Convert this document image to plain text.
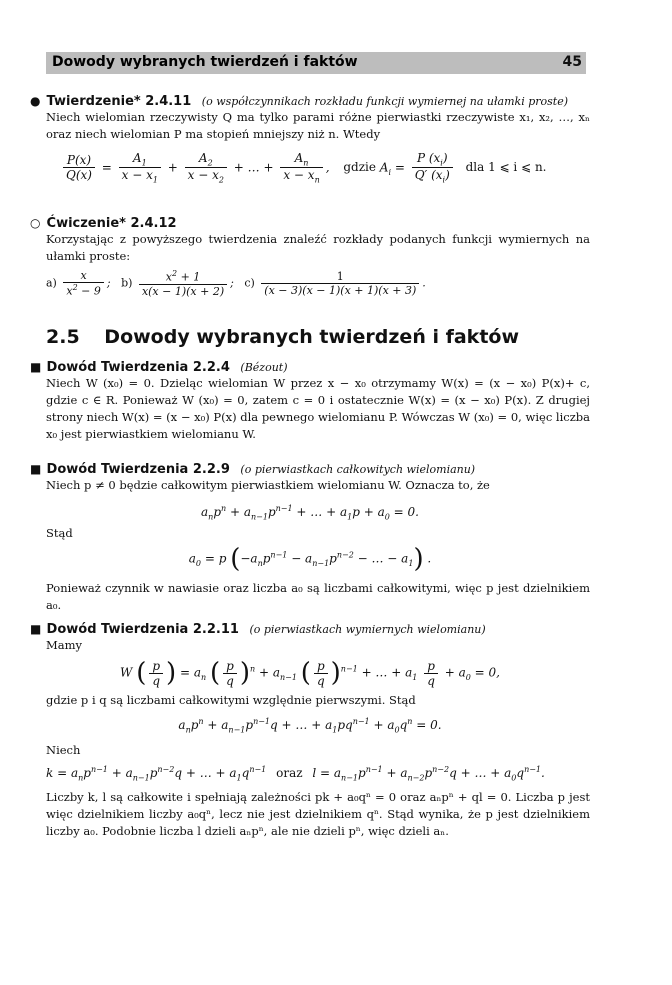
Dowody wybranych twierdzeń i faktów	45
● Twierdzenie* 2.4.11 (o współczynnikach rozkładu funkcji wymiernej na ułamki proste)
Niech wielomian rzeczywisty Q ma tylko parami różne pierwiastki rzeczywiste x₁, x₂, …, xₙ oraz niech wielomian P ma stopień mniejszy niż n. Wtedy
$\frac{P(x)}{Q(x)} = \frac{A_1}{x - x_1} + \frac{A_2}{x - x_2}$ + … + $\frac{A_n}{x - x_n}$ , gdzie $A_i = \frac{P (x_i)}{Q' (x_i)}$ dla 1 ⩽ i ⩽ n.
○ Ćwiczenie* 2.4.12
Korzystając z powyższego twierdzenia znaleźć rozkłady podanych funkcji wymiernych na ułamki proste:
$a) \frac{x}{x^2 - 9}$ ;   $b) \frac{x^2 + 1}{x(x - 1)(x + 2)}$ ;   $c) \frac{1}{(x - 3)(x - 1)(x + 1)(x + 3)}$ .
2.5 Dowody wybranych twierdzeń i faktów
■ Dowód Twierdzenia 2.2.4 (Bézout)
Niech W (x₀) = 0. Dzieląc wielomian W przez x − x₀ otrzymamy W(x) = (x − x₀) P(x)+ c, gdzie c ∈ R. Ponieważ W (x₀) = 0, zatem c = 0 i ostatecznie W(x) = (x − x₀) P(x). Z drugiej strony niech W(x) = (x − x₀) P(x) dla pewnego wielomianu P. Wówczas W (x₀) = 0, więc liczba x₀ jest pierwiastkiem wielomianu W.
■ Dowód Twierdzenia 2.2.9 (o pierwiastkach całkowitych wielomianu)
Niech p ≠ 0 będzie całkowitym pierwiastkiem wielomianu W. Oznacza to, że
$a_np^n + a_{n-1}p^{n-1}$ + … + $a_1p + a_0 = 0$.
Stąd
$a_0 = p$ ($-a_np^{n-1} - a_{n-1}p^{n-2}$ − … − $a_1$) .
Ponieważ czynnik w nawiasie oraz liczba a₀ są liczbami całkowitymi, więc p jest dzielnikiem a₀.
■ Dowód Twierdzenia 2.2.11 (o pierwiastkach wymiernych wielomianu)
Mamy
W ( $\frac{p}{q}$ ) = $a_n$ ( $\frac{p}{q} )^n + a_{n-1}$ ( $\frac{p}{q} )^{n-1}$ + … + $a_1 \frac{p}{q} + a_0 = 0$,
gdzie p i q są liczbami całkowitymi względnie pierwszymi. Stąd
$a_np^n + a_{n-1}p^{n-1}q$ + … + $a_1pq^{n-1} + a_0q^n = 0$.
Niech
$k = a_np^{n-1} + a_{n-1}p^{n-2}q$ + … + $a_1q^{n-1}$ oraz $l = a_{n-1}p^{n-1} + a_{n-2}p^{n-2}q$ + … + $a_0q^{n-1}$.
Liczby k, l są całkowite i spełniają zależności pk + a₀qⁿ = 0 oraz aₙpⁿ + ql = 0. Liczba p jest więc dzielnikiem liczby a₀qⁿ, lecz nie jest dzielnikiem qⁿ. Stąd wynika, że p jest dzielnikiem liczby a₀. Podobnie liczba l dzieli aₙpⁿ, ale nie dzieli pⁿ, więc dzieli aₙ.
